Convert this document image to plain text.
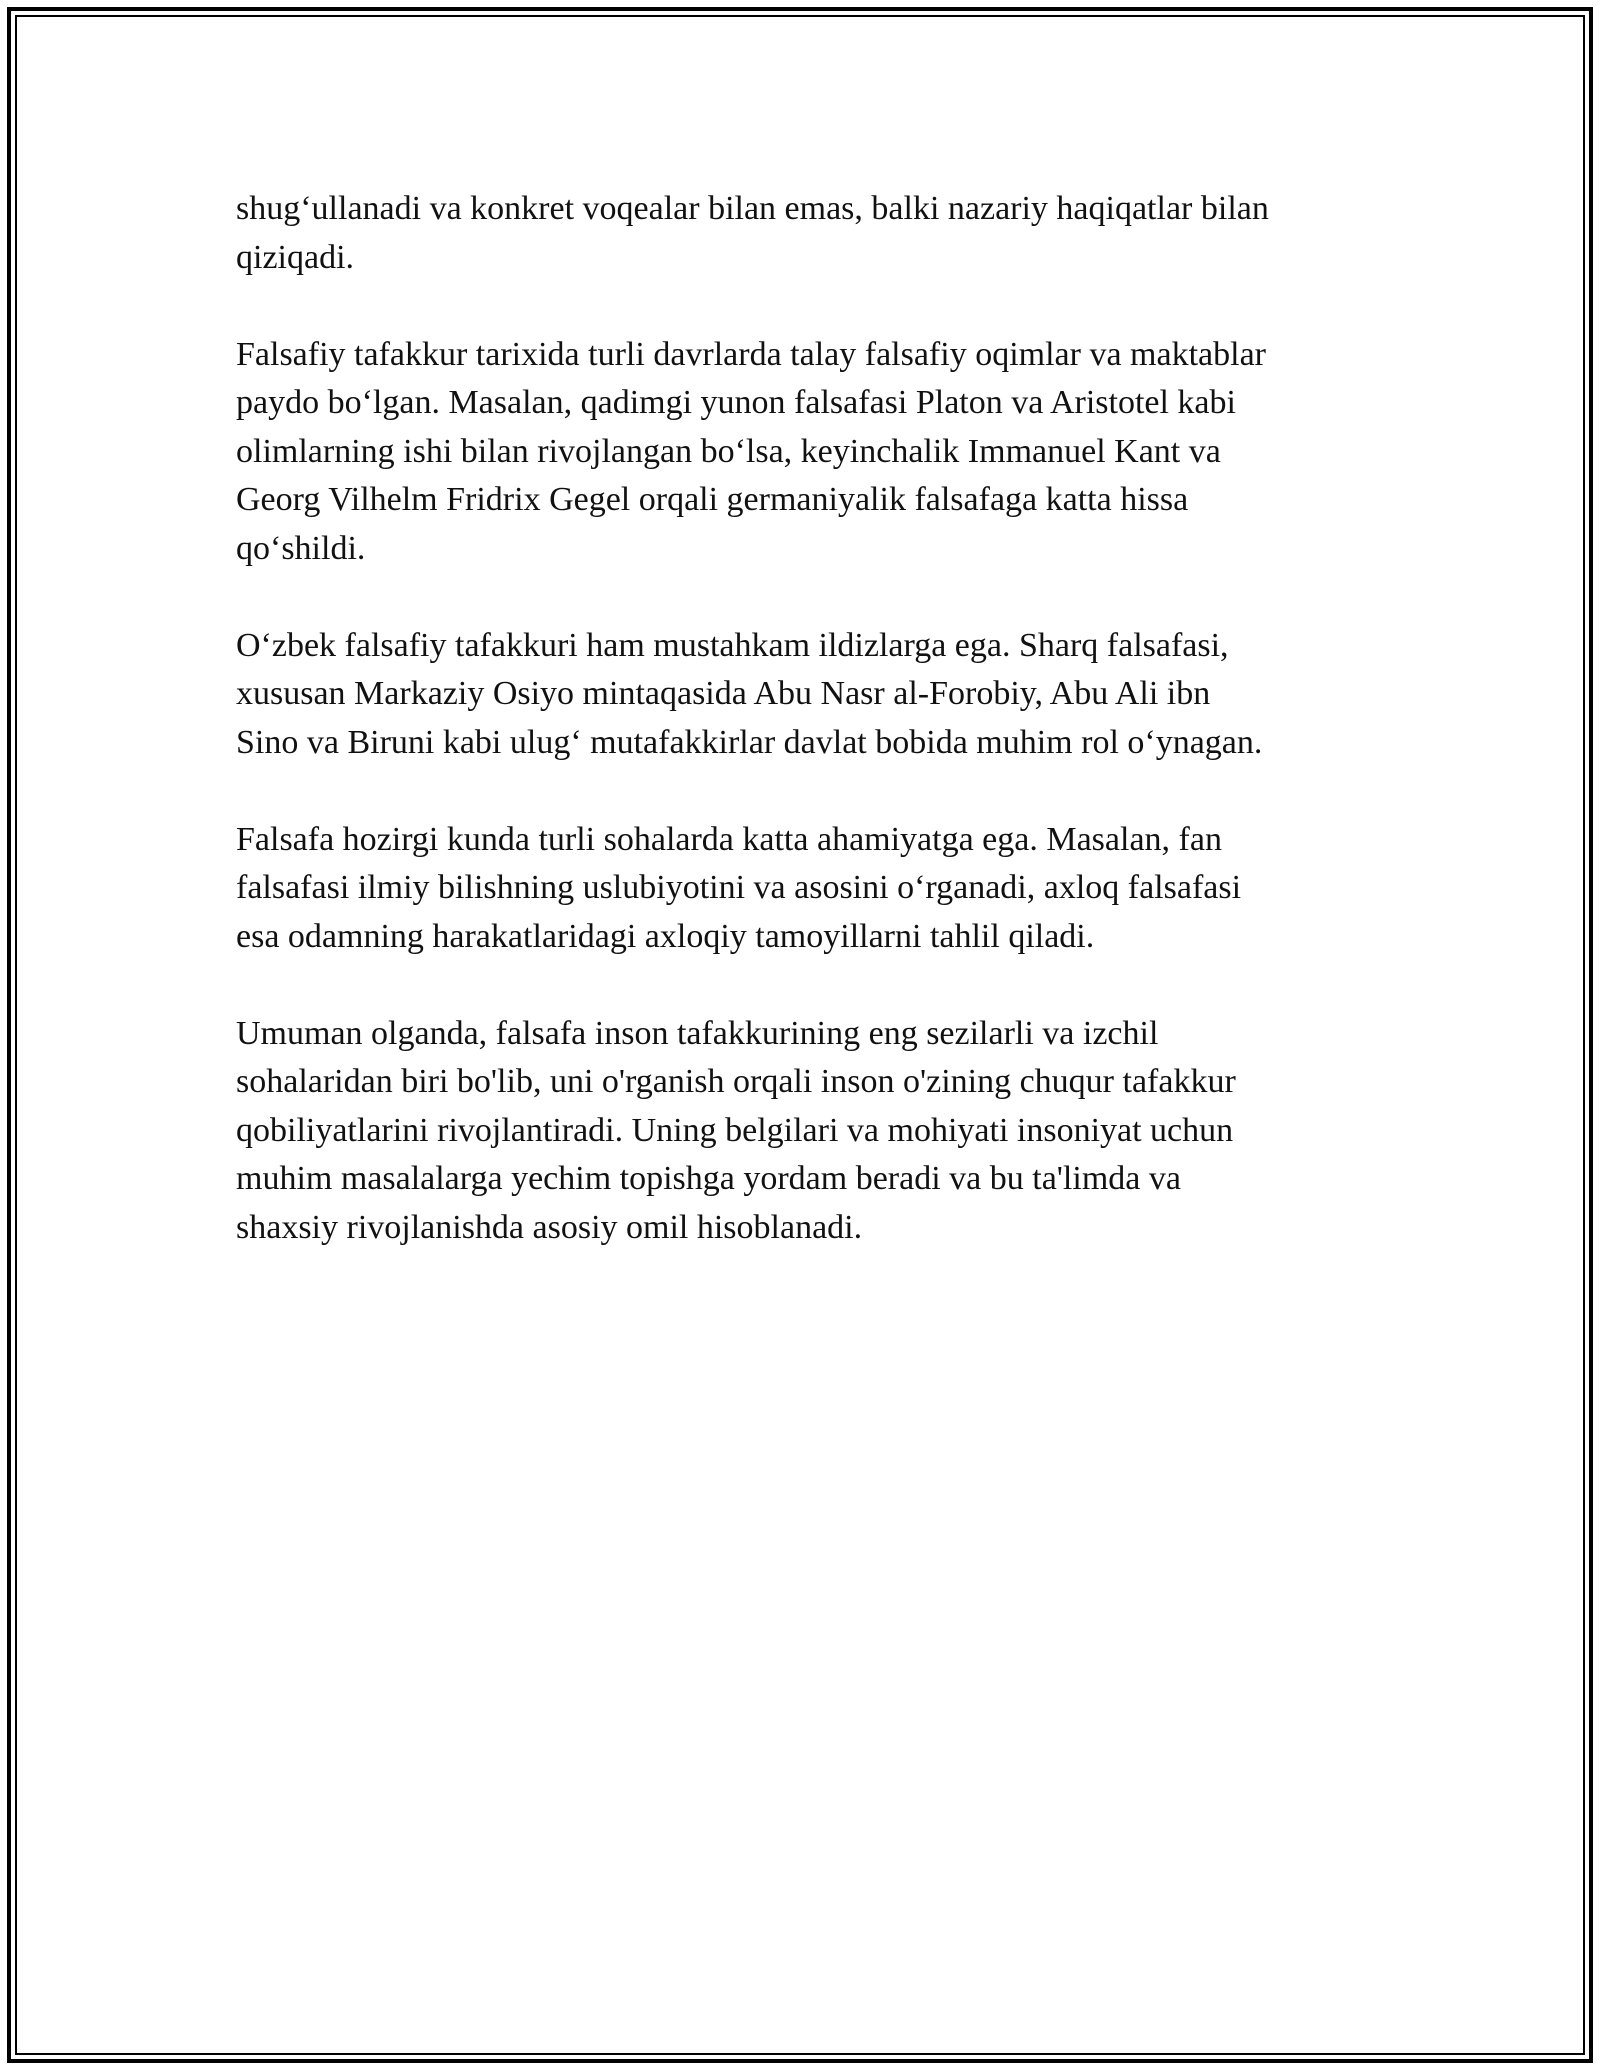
shug‘ullanadi va konkret voqealar bilan emas, balki nazariy haqiqatlar bilan
qiziqadi.

Falsafiy tafakkur tarixida turli davrlarda talay falsafiy oqimlar va maktablar
paydo bo‘lgan. Masalan, qadimgi yunon falsafasi Platon va Aristotel kabi
olimlarning ishi bilan rivojlangan bo‘lsa, keyinchalik Immanuel Kant va
Georg Vilhelm Fridrix Gegel orqali germaniyalik falsafaga katta hissa
qo‘shildi.

O‘zbek falsafiy tafakkuri ham mustahkam ildizlarga ega. Sharq falsafasi,
xususan Markaziy Osiyo mintaqasida Abu Nasr al-Forobiy, Abu Ali ibn
Sino va Biruni kabi ulug‘ mutafakkirlar davlat bobida muhim rol o‘ynagan.

Falsafa hozirgi kunda turli sohalarda katta ahamiyatga ega. Masalan, fan
falsafasi ilmiy bilishning uslubiyotini va asosini o‘rganadi, axloq falsafasi
esa odamning harakatlaridagi axloqiy tamoyillarni tahlil qiladi.

Umuman olganda, falsafa inson tafakkurining eng sezilarli va izchil
sohalaridan biri bo'lib, uni o'rganish orqali inson o'zining chuqur tafakkur
qobiliyatlarini rivojlantiradi. Uning belgilari va mohiyati insoniyat uchun
muhim masalalarga yechim topishga yordam beradi va bu ta'limda va
shaxsiy rivojlanishda asosiy omil hisoblanadi.
